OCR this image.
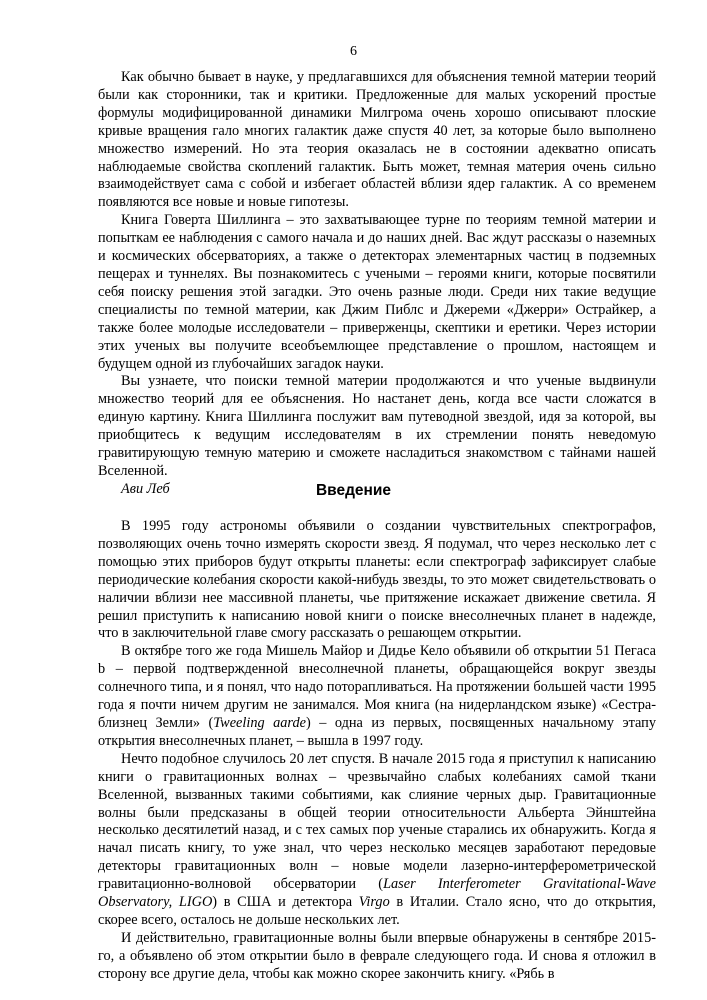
6

Как обычно бывает в науке, у предлагавшихся для объяснения темной материи теорий были как сторонники, так и критики. Предложенные для малых ускорений простые формулы модифицированной динамики Милгрома очень хорошо описывают плоские кривые вращения гало многих галактик даже спустя 40 лет, за которые было выполнено множество измерений. Но эта теория оказалась не в состоянии адекватно описать наблюдаемые свойства скоплений галактик. Быть может, темная материя очень сильно взаимодействует сама с собой и избегает областей вблизи ядер галактик. А со временем появляются все новые и новые гипотезы.

Книга Говерта Шиллинга – это захватывающее турне по теориям темной материи и попыткам ее наблюдения с самого начала и до наших дней. Вас ждут рассказы о наземных и космических обсерваториях, а также о детекторах элементарных частиц в подземных пещерах и туннелях. Вы познакомитесь с учеными – героями книги, которые посвятили себя поиску решения этой загадки. Это очень разные люди. Среди них такие ведущие специалисты по темной материи, как Джим Пиблс и Джереми «Джерри» Остpайкер, а также более молодые исследователи – приверженцы, скептики и еретики. Через истории этих ученых вы получите всеобъемлющее представление о прошлом, настоящем и будущем одной из глубочайших загадок науки.

Вы узнаете, что поиски темной материи продолжаются и что ученые выдвинули множество теорий для ее объяснения. Но настанет день, когда все части сложатся в единую картину. Книга Шиллинга послужит вам путеводной звездой, идя за которой, вы приобщитесь к ведущим исследователям в их стремлении понять неведомую гравитирующую темную материю и сможете насладиться знакомством с тайнами нашей Вселенной.

Ави Леб	Введение

В 1995 году астрономы объявили о создании чувствительных спектрографов, позволяющих очень точно измерять скорости звезд. Я подумал, что через несколько лет с помощью этих приборов будут открыты планеты: если спектрограф зафиксирует слабые периодические колебания скорости какой-нибудь звезды, то это может свидетельствовать о наличии вблизи нее массивной планеты, чье притяжение искажает движение светила. Я решил приступить к написанию новой книги о поиске внесолнечных планет в надежде, что в заключительной главе смогу рассказать о решающем открытии.

В октябре того же года Мишель Майор и Дидье Кело объявили об открытии 51 Пегаса b – первой подтвержденной внесолнечной планеты, обращающейся вокруг звезды солнечного типа, и я понял, что надо поторапливаться. На протяжении большей части 1995 года я почти ничем другим не занимался. Моя книга (на нидерландском языке) «Сестра-близнец Земли» (Tweeling aarde) – одна из первых, посвященных начальному этапу открытия внесолнечных планет, – вышла в 1997 году.

Нечто подобное случилось 20 лет спустя. В начале 2015 года я приступил к написанию книги о гравитационных волнах – чрезвычайно слабых колебаниях самой ткани Вселенной, вызванных такими событиями, как слияние черных дыр. Гравитационные волны были предсказаны в общей теории относительности Альберта Эйнштейна несколько десятилетий назад, и с тех самых пор ученые старались их обнаружить. Когда я начал писать книгу, то уже знал, что через несколько месяцев заработают передовые детекторы гравитационных волн – новые модели лазерно-интерферометрической гравитационно-волновой обсерватории (Laser Interferometer Gravitational-Wave Observatory, LIGO) в США и детектора Virgo в Италии. Стало ясно, что до открытия, скорее всего, осталось не дольше нескольких лет.

И действительно, гравитационные волны были впервые обнаружены в сентябре 2015-го, а объявлено об этом открытии было в феврале следующего года. И снова я отложил в сторону все другие дела, чтобы как можно скорее закончить книгу. «Рябь в
